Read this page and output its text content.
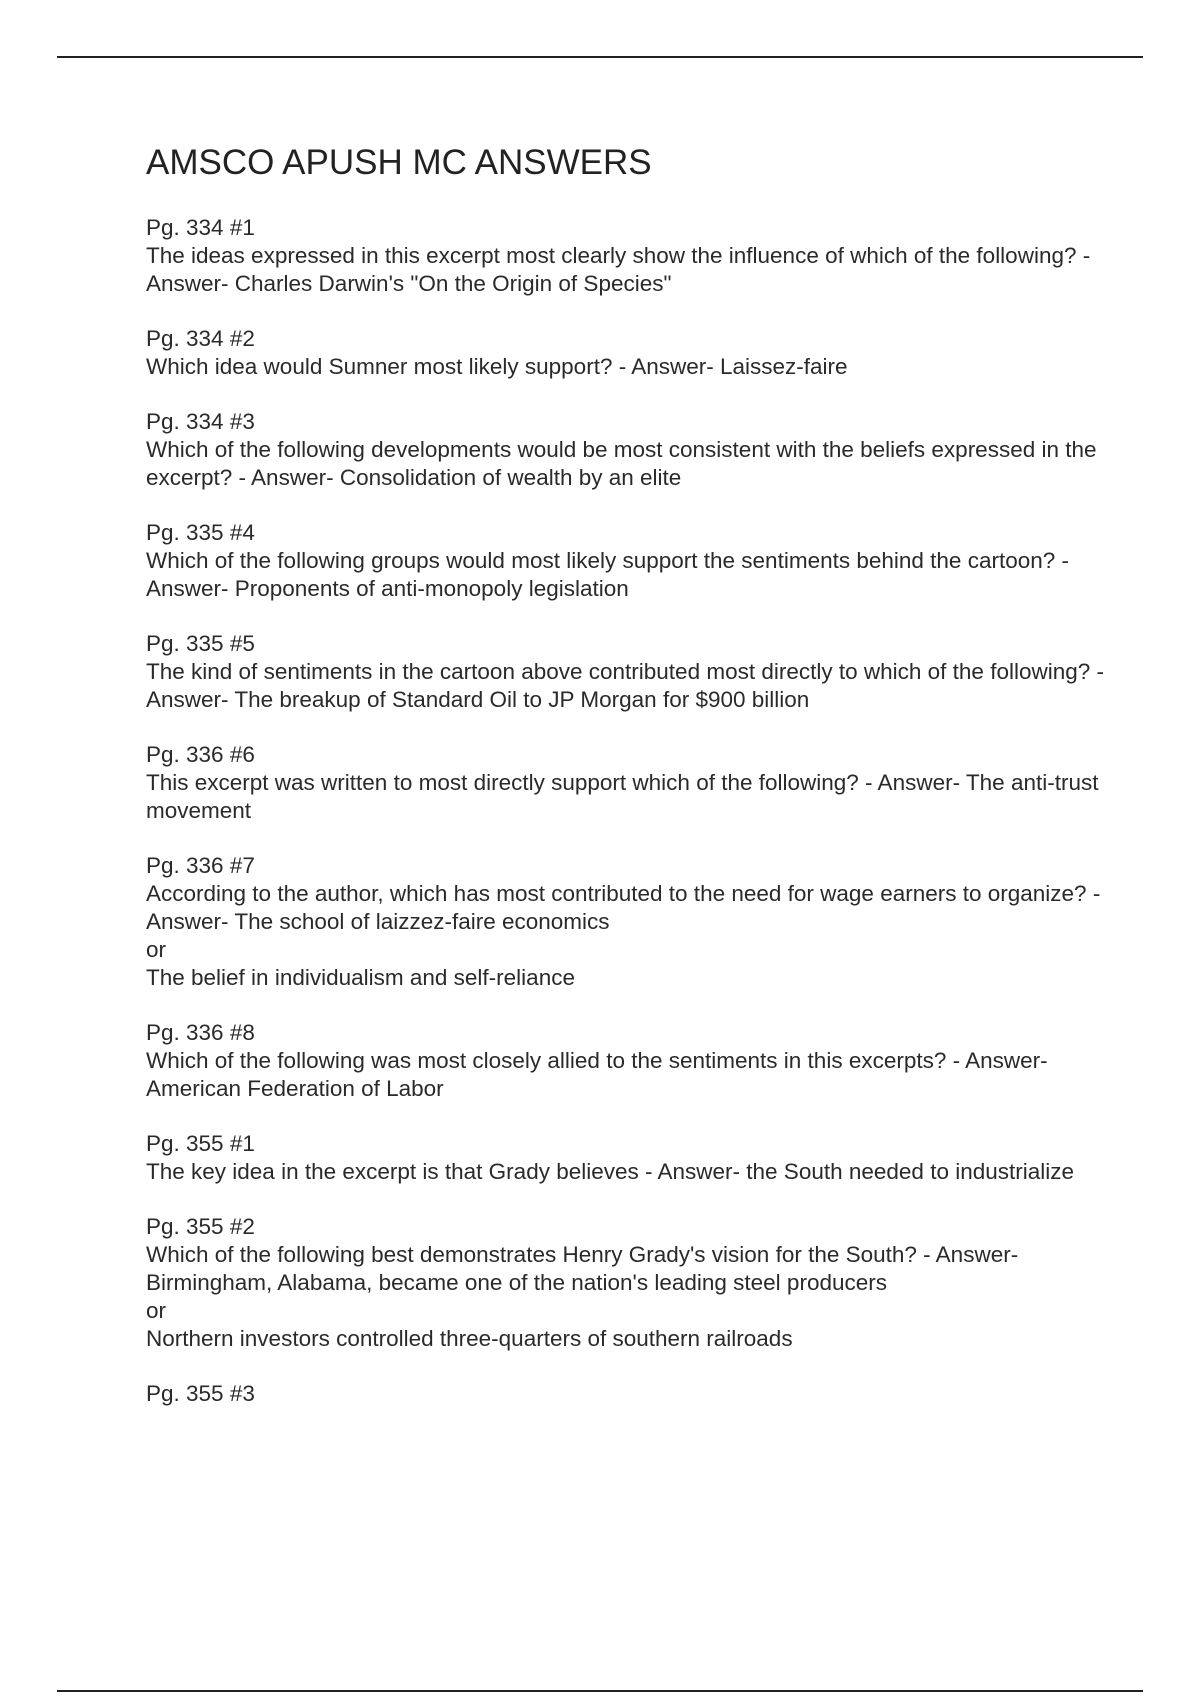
AMSCO APUSH MC ANSWERS

Pg. 334 #1

The ideas expressed in this excerpt most clearly show the influence of which of the following? - Answer- Charles Darwin's "On the Origin of Species"

Pg. 334 #2

Which idea would Sumner most likely support? - Answer- Laissez-faire

Pg. 334 #3

Which of the following developments would be most consistent with the beliefs expressed in the excerpt? - Answer- Consolidation of wealth by an elite

Pg. 335 #4

Which of the following groups would most likely support the sentiments behind the cartoon? - Answer- Proponents of anti-monopoly legislation

Pg. 335 #5

The kind of sentiments in the cartoon above contributed most directly to which of the following? - Answer- The breakup of Standard Oil to JP Morgan for $900 billion

Pg. 336 #6

This excerpt was written to most directly support which of the following? - Answer- The anti-trust movement

Pg. 336 #7

According to the author, which has most contributed to the need for wage earners to organize? - Answer- The school of laizzez-faire economics

or

The belief in individualism and self-reliance

Pg. 336 #8

Which of the following was most closely allied to the sentiments in this excerpts? - Answer- American Federation of Labor

Pg. 355 #1

The key idea in the excerpt is that Grady believes - Answer- the South needed to industrialize

Pg. 355 #2

Which of the following best demonstrates Henry Grady's vision for the South? - Answer- Birmingham, Alabama, became one of the nation's leading steel producers

or

Northern investors controlled three-quarters of southern railroads

Pg. 355 #3
